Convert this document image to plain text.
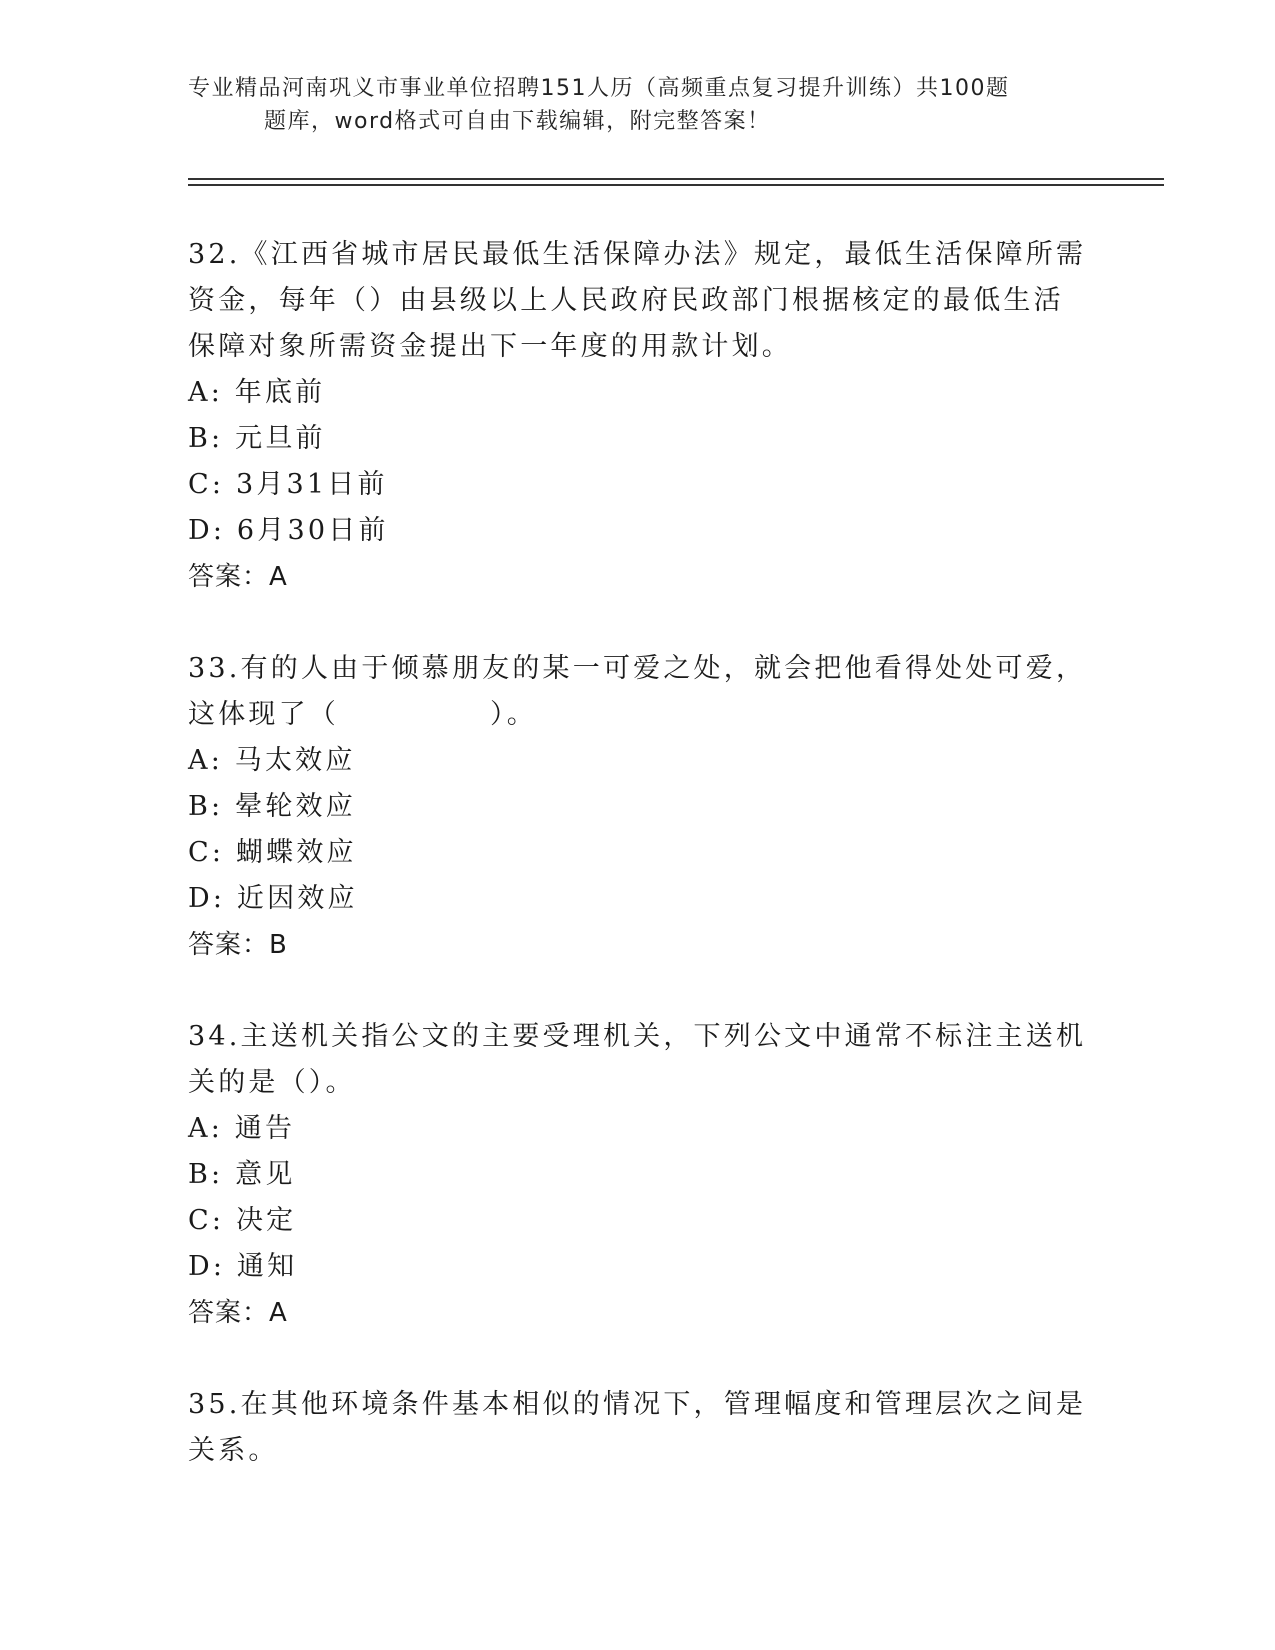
专业精品河南巩义市事业单位招聘151人历（高频重点复习提升训练）共100题
题库，word格式可自由下载编辑，附完整答案！

32.《江西省城市居民最低生活保障办法》规定，最低生活保障所需资金，每年（）由县级以上人民政府民政部门根据核定的最低生活保障对象所需资金提出下一年度的用款计划。

A: 年底前

B: 元旦前

C: 3月31日前

D: 6月30日前

答案：A

33.有的人由于倾慕朋友的某一可爱之处，就会把他看得处处可爱，这体现了（　　　　　）。

A: 马太效应

B: 晕轮效应

C: 蝴蝶效应

D: 近因效应

答案：B

34.主送机关指公文的主要受理机关，下列公文中通常不标注主送机关的是（）。

A: 通告

B: 意见

C: 决定

D: 通知

答案：A

35.在其他环境条件基本相似的情况下，管理幅度和管理层次之间是关系。
